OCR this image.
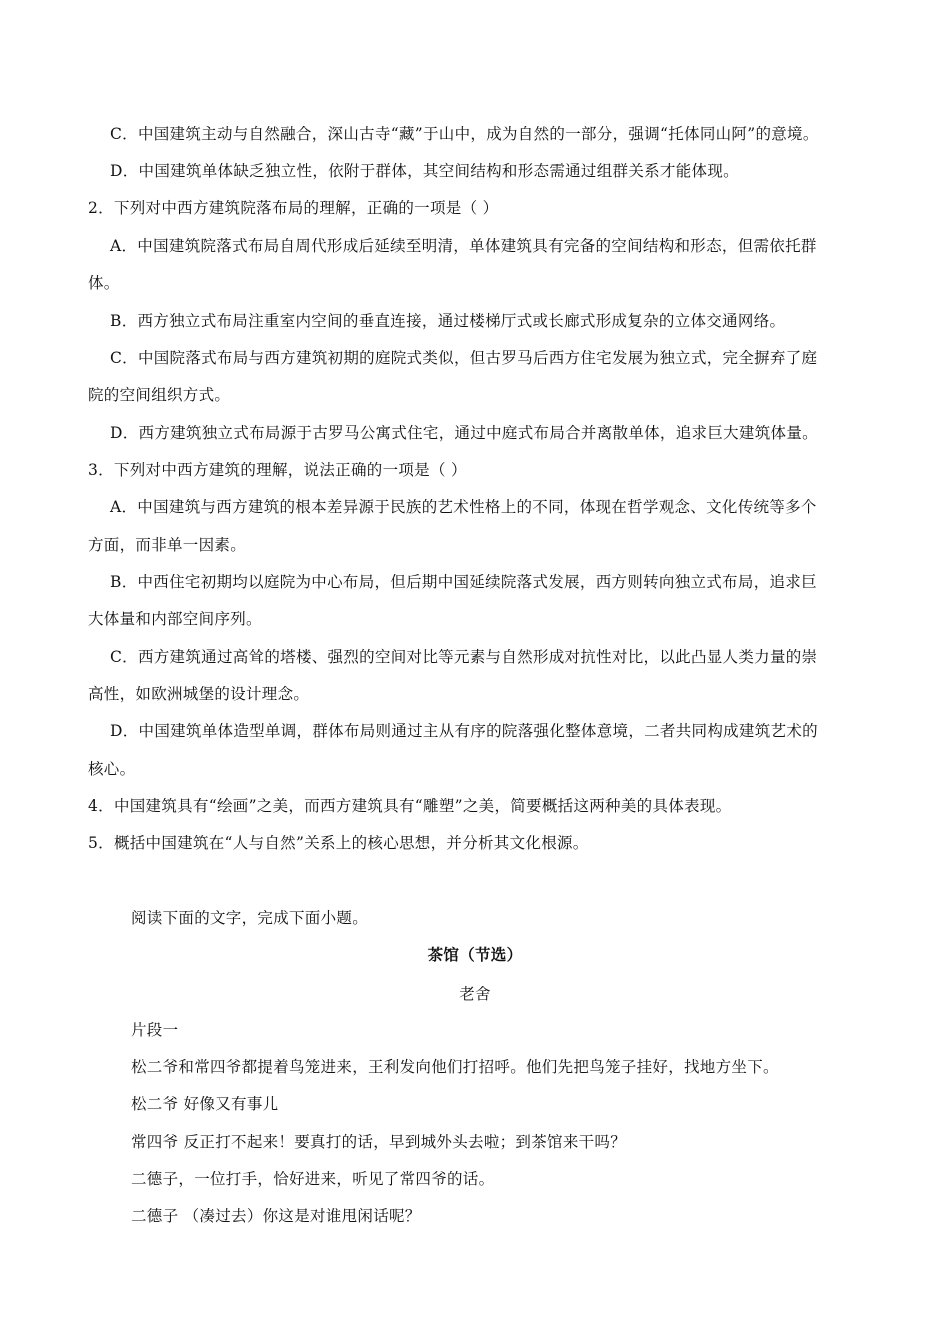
C．中国建筑主动与自然融合，深山古寺“藏”于山中，成为自然的一部分，强调“托体同山阿”的意境。
D．中国建筑单体缺乏独立性，依附于群体，其空间结构和形态需通过组群关系才能体现。
2．下列对中西方建筑院落布局的理解，正确的一项是（ ）
A．中国建筑院落式布局自周代形成后延续至明清，单体建筑具有完备的空间结构和形态，但需依托群
体。
B．西方独立式布局注重室内空间的垂直连接，通过楼梯厅式或长廊式形成复杂的立体交通网络。
C．中国院落式布局与西方建筑初期的庭院式类似，但古罗马后西方住宅发展为独立式，完全摒弃了庭
院的空间组织方式。
D．西方建筑独立式布局源于古罗马公寓式住宅，通过中庭式布局合并离散单体，追求巨大建筑体量。
3．下列对中西方建筑的理解，说法正确的一项是（ ）
A．中国建筑与西方建筑的根本差异源于民族的艺术性格上的不同，体现在哲学观念、文化传统等多个
方面，而非单一因素。
B．中西住宅初期均以庭院为中心布局，但后期中国延续院落式发展，西方则转向独立式布局，追求巨
大体量和内部空间序列。
C．西方建筑通过高耸的塔楼、强烈的空间对比等元素与自然形成对抗性对比，以此凸显人类力量的崇
高性，如欧洲城堡的设计理念。
D．中国建筑单体造型单调，群体布局则通过主从有序的院落强化整体意境，二者共同构成建筑艺术的
核心。
4．中国建筑具有“绘画”之美，而西方建筑具有“雕塑”之美，简要概括这两种美的具体表现。
5．概括中国建筑在“人与自然”关系上的核心思想，并分析其文化根源。
阅读下面的文字，完成下面小题。
茶馆（节选）
老舍
片段一
松二爷和常四爷都提着鸟笼进来，王利发向他们打招呼。他们先把鸟笼子挂好，找地方坐下。
松二爷 好像又有事儿
常四爷 反正打不起来！要真打的话，早到城外头去啦；到茶馆来干吗？
二德子，一位打手，恰好进来，听见了常四爷的话。
二德子 （凑过去）你这是对谁甩闲话呢？
